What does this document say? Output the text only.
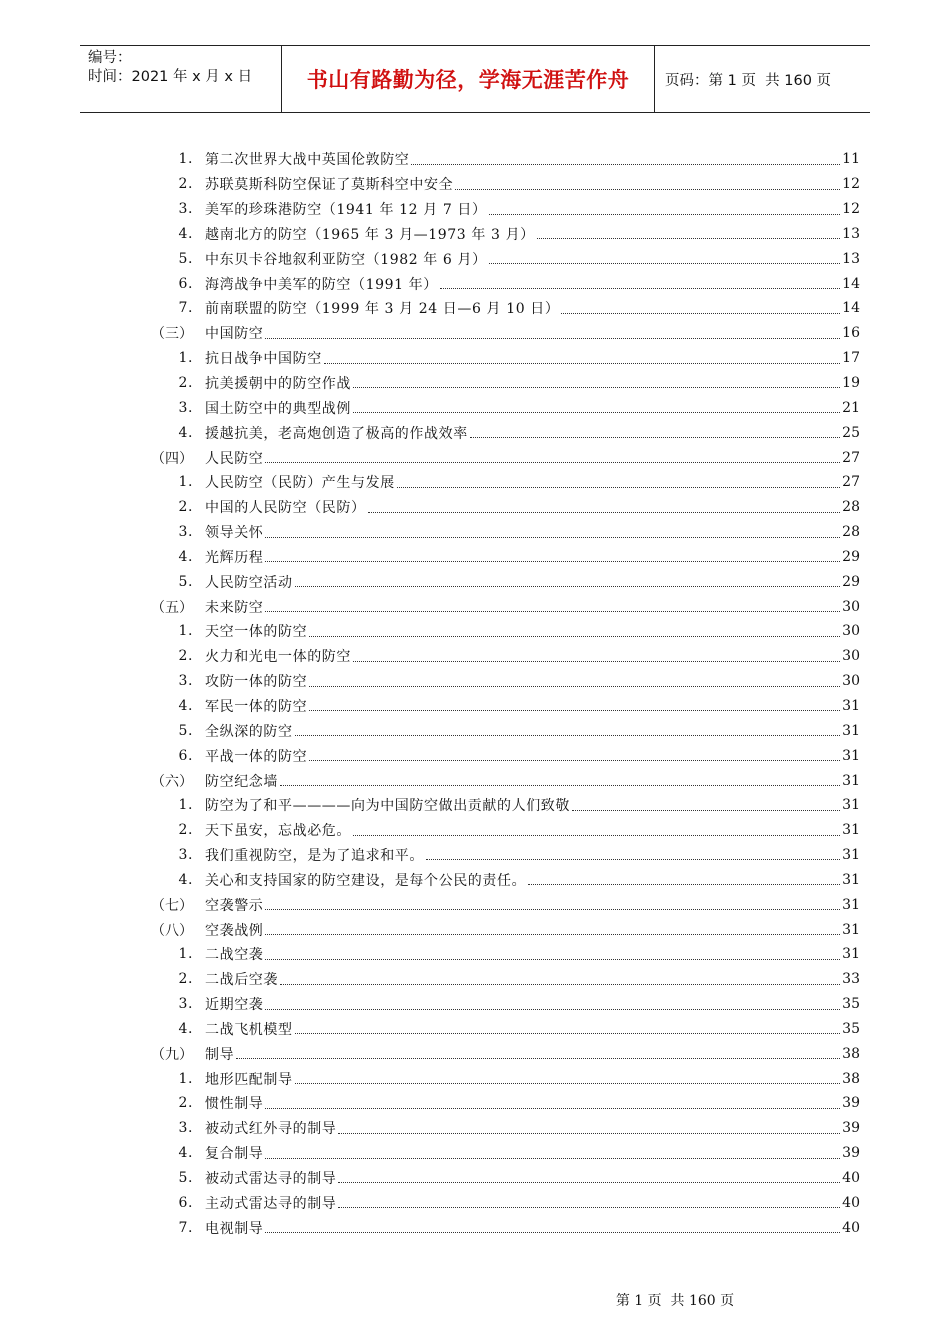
编号：
时间：2021 年 x 月 x 日	书山有路勤为径，学海无涯苦作舟	页码：第 1 页  共 160 页
1. 第二次世界大战中英国伦敦防空	11
2. 苏联莫斯科防空保证了莫斯科空中安全	12
3. 美军的珍珠港防空（1941 年 12 月 7 日）	12
4. 越南北方的防空（1965 年 3 月—1973 年 3 月）	13
5. 中东贝卡谷地叙利亚防空（1982 年 6 月）	13
6. 海湾战争中美军的防空（1991 年）	14
7. 前南联盟的防空（1999 年 3 月 24 日—6 月 10 日）	14
（三） 中国防空	16
1. 抗日战争中国防空	17
2. 抗美援朝中的防空作战	19
3. 国土防空中的典型战例	21
4. 援越抗美，老高炮创造了极高的作战效率	25
（四） 人民防空	27
1. 人民防空（民防）产生与发展	27
2. 中国的人民防空（民防）	28
3. 领导关怀	28
4. 光辉历程	29
5. 人民防空活动	29
（五） 未来防空	30
1. 天空一体的防空	30
2. 火力和光电一体的防空	30
3. 攻防一体的防空	30
4. 军民一体的防空	31
5. 全纵深的防空	31
6. 平战一体的防空	31
（六） 防空纪念墙	31
1. 防空为了和平————向为中国防空做出贡献的人们致敬	31
2. 天下虽安，忘战必危。	31
3. 我们重视防空，是为了追求和平。	31
4. 关心和支持国家的防空建设，是每个公民的责任。	31
（七） 空袭警示	31
（八） 空袭战例	31
1. 二战空袭	31
2. 二战后空袭	33
3. 近期空袭	35
4. 二战飞机模型	35
（九） 制导	38
1. 地形匹配制导	38
2. 惯性制导	39
3. 被动式红外寻的制导	39
4. 复合制导	39
5. 被动式雷达寻的制导	40
6. 主动式雷达寻的制导	40
7. 电视制导	40
第 1 页  共 160 页
